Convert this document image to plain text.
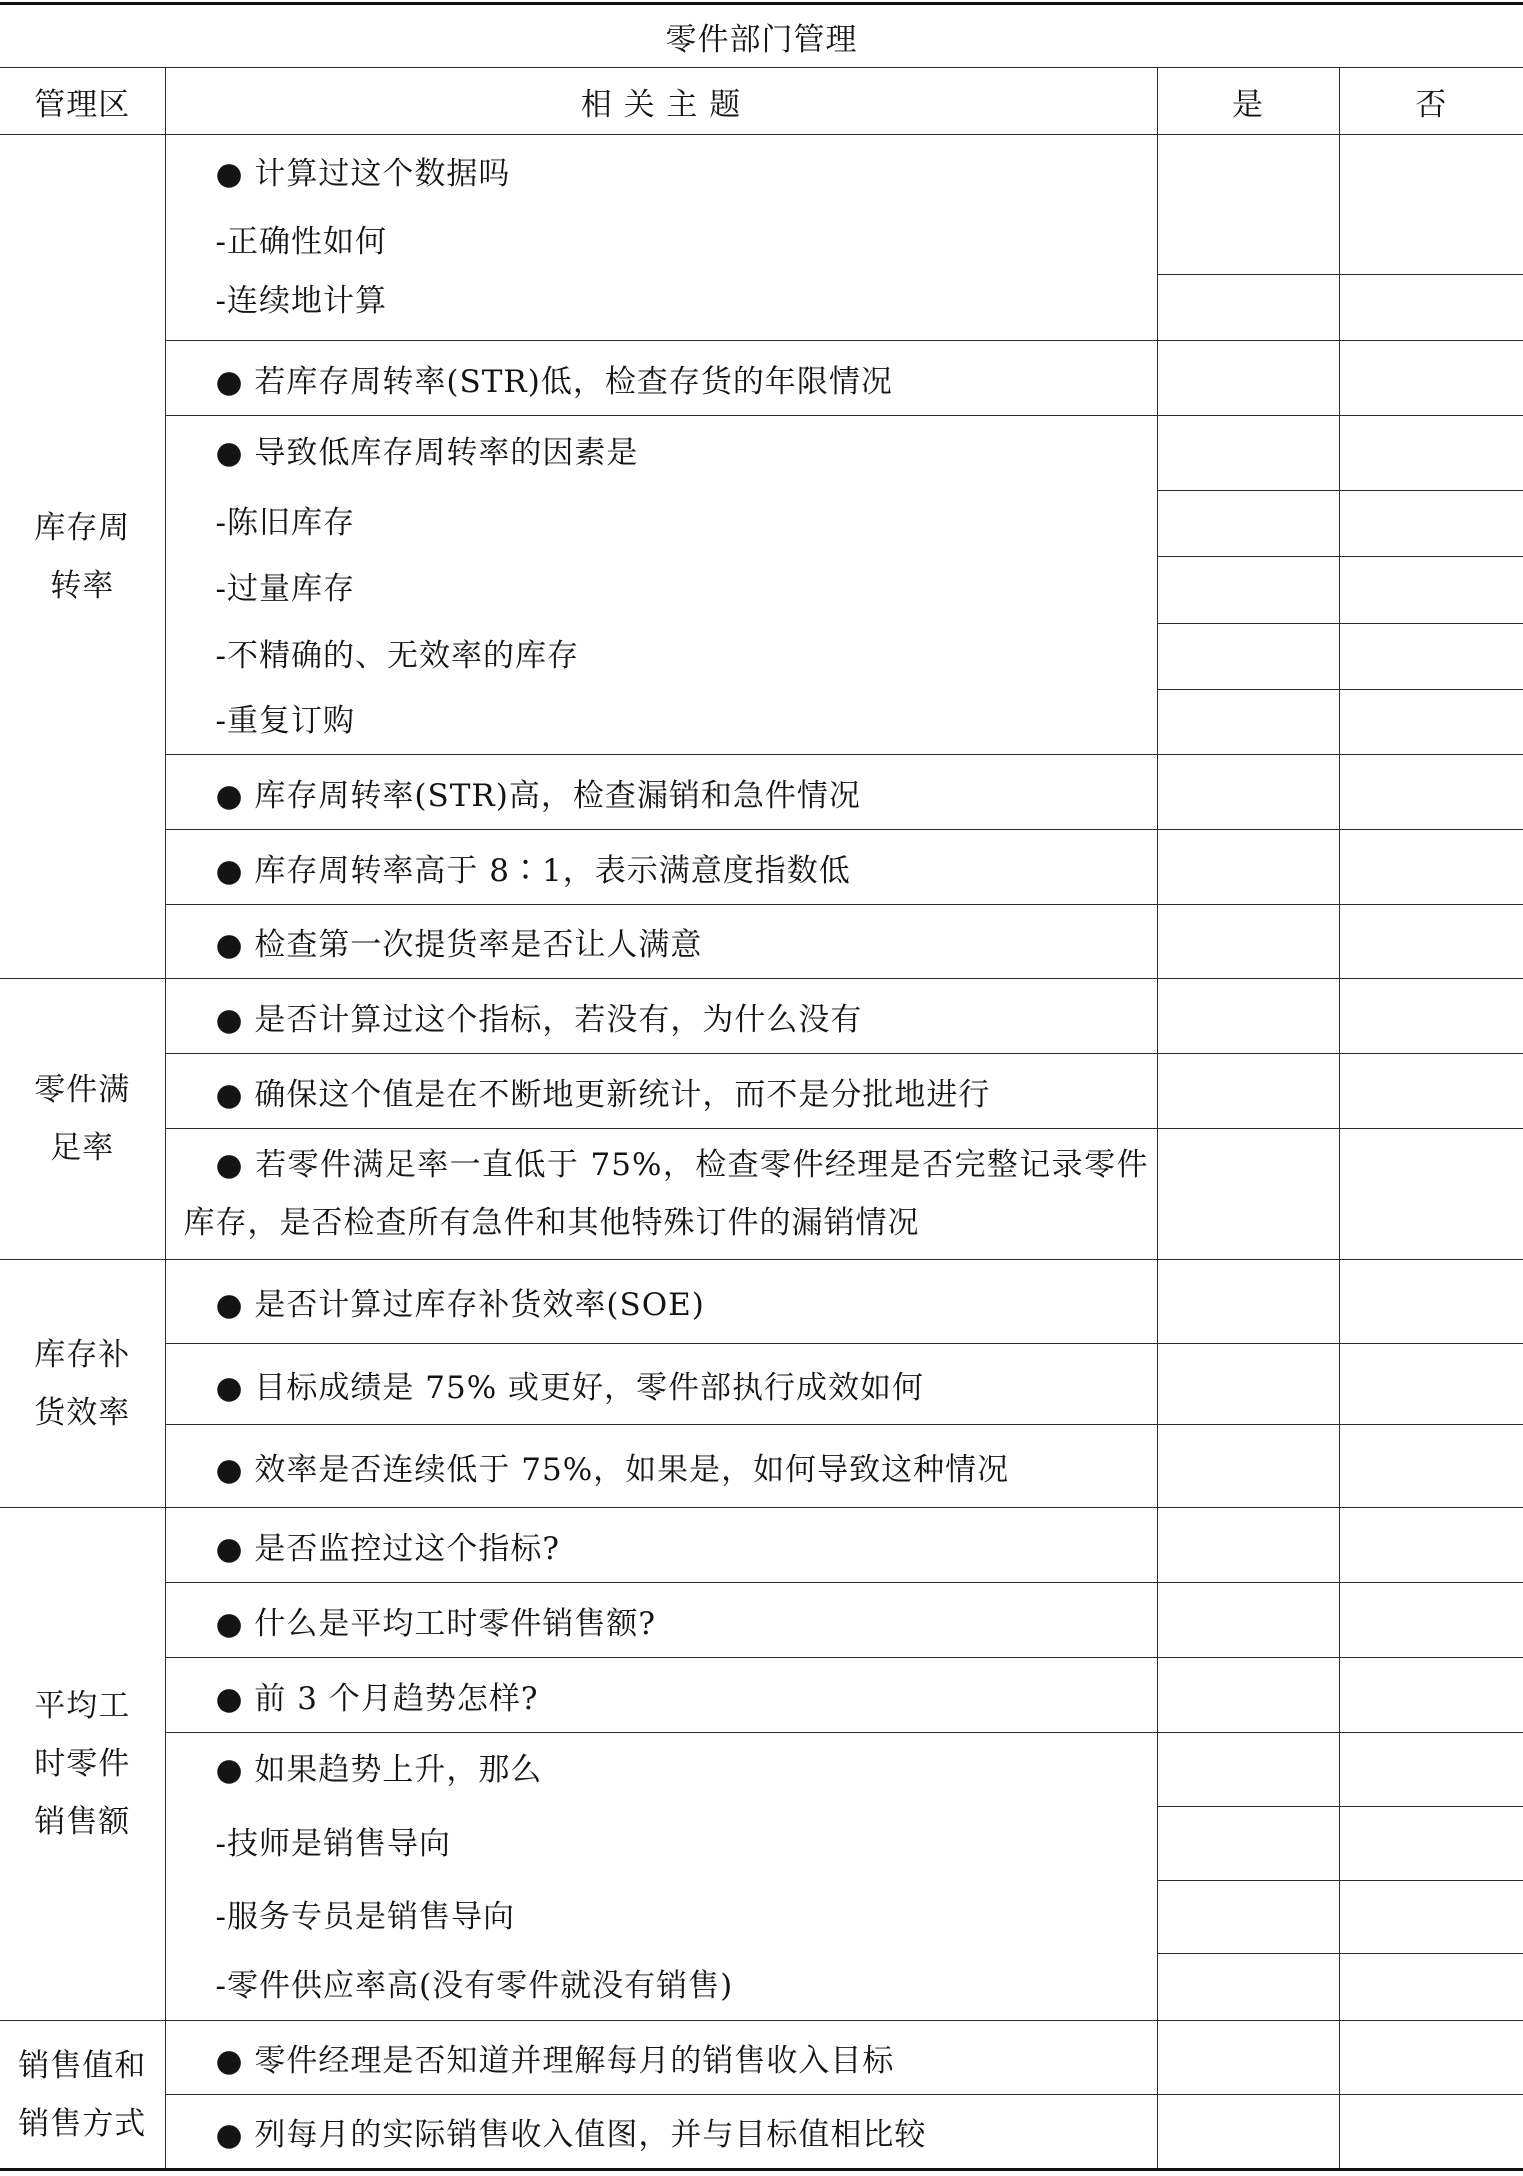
零件部门管理			
管理区	相 关 主 题	是	否
库存周转率	● 计算过这个数据吗
-正确性如何
-连续地计算		

	● 若库存周转率(STR)低，检查存货的年限情况		

	● 导致低库存周转率的因素是
-陈旧库存
-过量库存
-不精确的、无效率的库存
-重复订购		

	● 库存周转率(STR)高，检查漏销和急件情况		

	● 库存周转率高于 8∶1，表示满意度指数低		

	● 检查第一次提货率是否让人满意		

零件满足率	● 是否计算过这个指标，若没有，为什么没有		

	● 确保这个值是在不断地更新统计，而不是分批地进行		

	● 若零件满足率一直低于 75%，检查零件经理是否完整记录零件库存，是否检查所有急件和其他特殊订件的漏销情况		

库存补货效率	● 是否计算过库存补货效率(SOE)		

	● 目标成绩是 75% 或更好，零件部执行成效如何		

	● 效率是否连续低于 75%，如果是，如何导致这种情况		

平均工时零件销售额	● 是否监控过这个指标?		

	● 什么是平均工时零件销售额?		

	● 前 3 个月趋势怎样?		

	● 如果趋势上升，那么
-技师是销售导向
-服务专员是销售导向
-零件供应率高(没有零件就没有销售)		

销售值和销售方式	● 零件经理是否知道并理解每月的销售收入目标		

	● 列每月的实际销售收入值图，并与目标值相比较		
